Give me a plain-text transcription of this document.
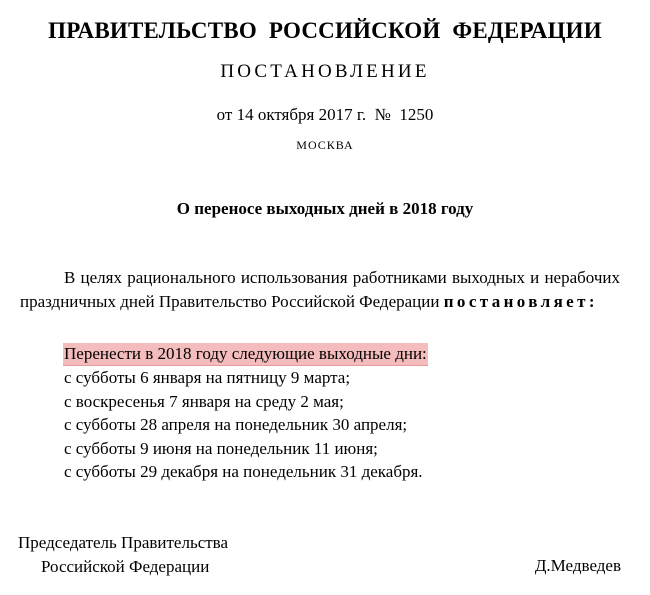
ПРАВИТЕЛЬСТВО РОССИЙСКОЙ ФЕДЕРАЦИИ
ПОСТАНОВЛЕНИЕ
от 14 октября 2017 г.  №  1250
МОСКВА
О переносе выходных дней в 2018 году

В целях рационального использования работниками выходных и нерабочих праздничных дней Правительство Российской Федерации постановляет:

Перенести в 2018 году следующие выходные дни:
с субботы 6 января на пятницу 9 марта;
с воскресенья 7 января на среду 2 мая;
с субботы 28 апреля на понедельник 30 апреля;
с субботы 9 июня на понедельник 11 июня;
с субботы 29 декабря на понедельник 31 декабря.
Председатель Правительства
Российской Федерации	Д.Медведев
